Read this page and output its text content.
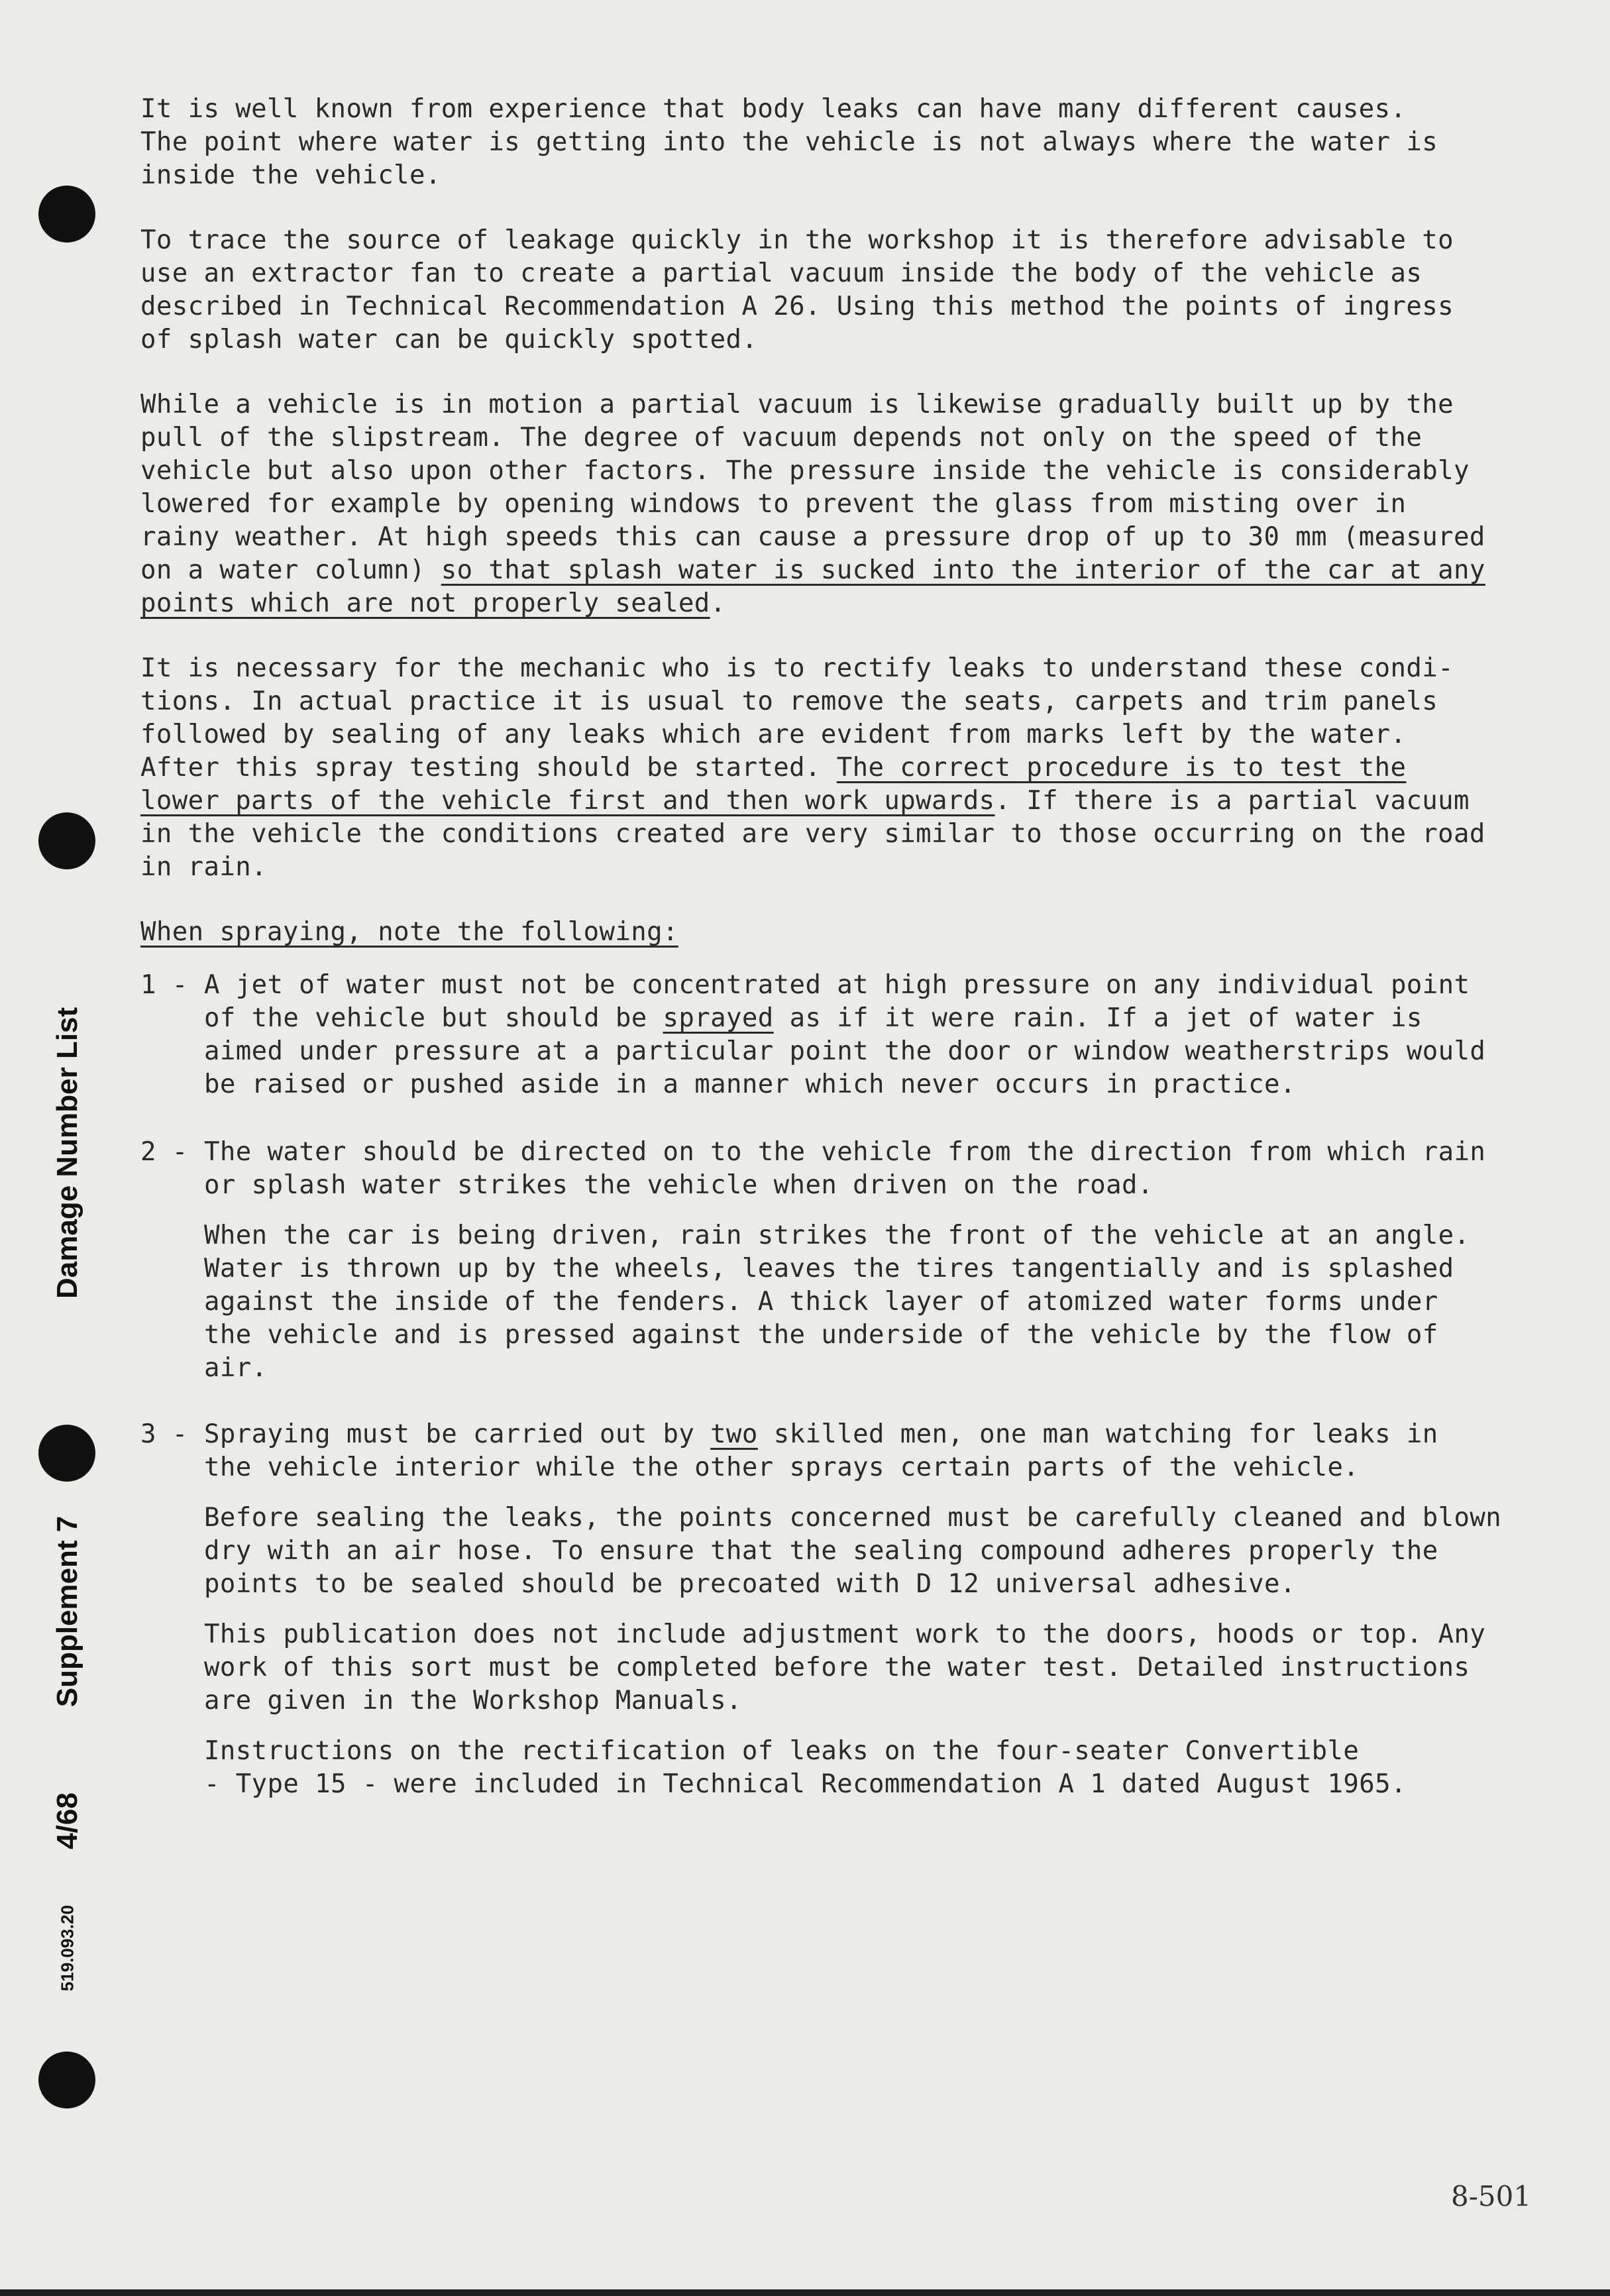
Damage Number List
Supplement 7
4/68
519.093.20

It is well known from experience that body leaks can have many different causes.
The point where water is getting into the vehicle is not always where the water is
inside the vehicle.

To trace the source of leakage quickly in the workshop it is therefore advisable to
use an extractor fan to create a partial vacuum inside the body of the vehicle as
described in Technical Recommendation A 26. Using this method the points of ingress
of splash water can be quickly spotted.

While a vehicle is in motion a partial vacuum is likewise gradually built up by the
pull of the slipstream. The degree of vacuum depends not only on the speed of the
vehicle but also upon other factors. The pressure inside the vehicle is considerably
lowered for example by opening windows to prevent the glass from misting over in
rainy weather. At high speeds this can cause a pressure drop of up to 30 mm (measured
on a water column) so that splash water is sucked into the interior of the car at any
points which are not properly sealed.

It is necessary for the mechanic who is to rectify leaks to understand these condi-
tions. In actual practice it is usual to remove the seats, carpets and trim panels
followed by sealing of any leaks which are evident from marks left by the water.
After this spray testing should be started. The correct procedure is to test the
lower parts of the vehicle first and then work upwards. If there is a partial vacuum
in the vehicle the conditions created are very similar to those occurring on the road
in rain.

When spraying, note the following:

1 - A jet of water must not be concentrated at high pressure on any individual point
of the vehicle but should be sprayed as if it were rain. If a jet of water is
aimed under pressure at a particular point the door or window weatherstrips would
be raised or pushed aside in a manner which never occurs in practice.
2 - The water should be directed on to the vehicle from the direction from which rain
or splash water strikes the vehicle when driven on the road.

When the car is being driven, rain strikes the front of the vehicle at an angle.
Water is thrown up by the wheels, leaves the tires tangentially and is splashed
against the inside of the fenders. A thick layer of atomized water forms under
the vehicle and is pressed against the underside of the vehicle by the flow of
air.

3 - Spraying must be carried out by two skilled men, one man watching for leaks in
the vehicle interior while the other sprays certain parts of the vehicle.

Before sealing the leaks, the points concerned must be carefully cleaned and blown
dry with an air hose. To ensure that the sealing compound adheres properly the
points to be sealed should be precoated with D 12 universal adhesive.

This publication does not include adjustment work to the doors, hoods or top. Any
work of this sort must be completed before the water test. Detailed instructions
are given in the Workshop Manuals.

Instructions on the rectification of leaks on the four-seater Convertible
- Type 15 - were included in Technical Recommendation A 1 dated August 1965.

8-501
